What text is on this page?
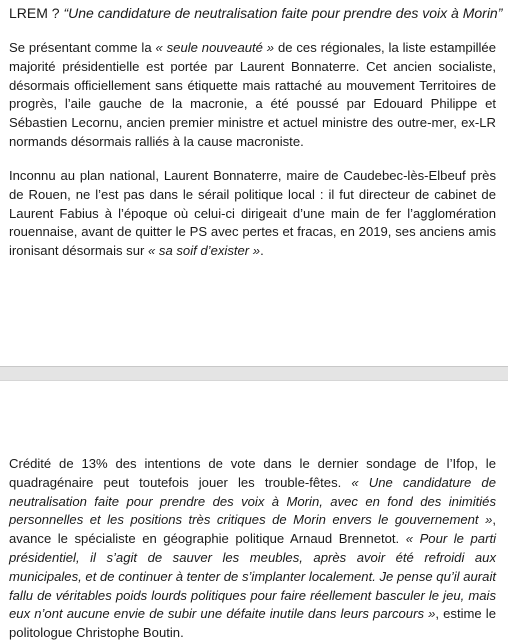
LREM ? “Une candidature de neutralisation faite pour prendre des voix à Morin”

Se présentant comme la « seule nouveauté » de ces régionales, la liste estampillée majorité présidentielle est portée par Laurent Bonnaterre. Cet ancien socialiste, désormais officiellement sans étiquette mais rattaché au mouvement Territoires de progrès, l’aile gauche de la macronie, a été poussé par Edouard Philippe et Sébastien Lecornu, ancien premier ministre et actuel ministre des outre-mer, ex-LR normands désormais ralliés à la cause macroniste.

Inconnu au plan national, Laurent Bonnaterre, maire de Caudebec-lès-Elbeuf près de Rouen, ne l’est pas dans le sérail politique local : il fut directeur de cabinet de Laurent Fabius à l’époque où celui-ci dirigeait d’une main de fer l’agglomération rouennaise, avant de quitter le PS avec pertes et fracas, en 2019, ses anciens amis ironisant désormais sur « sa soif d’exister ».

Crédité de 13% des intentions de vote dans le dernier sondage de l’Ifop, le quadragénaire peut toutefois jouer les trouble-fêtes. « Une candidature de neutralisation faite pour prendre des voix à Morin, avec en fond des inimitiés personnelles et les positions très critiques de Morin envers le gouvernement », avance le spécialiste en géographie politique Arnaud Brennetot. « Pour le parti présidentiel, il s’agit de sauver les meubles, après avoir été refroidi aux municipales, et de continuer à tenter de s’implanter localement. Je pense qu’il aurait fallu de véritables poids lourds politiques pour faire réellement basculer le jeu, mais eux n’ont aucune envie de subir une défaite inutile dans leurs parcours », estime le politologue Christophe Boutin.
